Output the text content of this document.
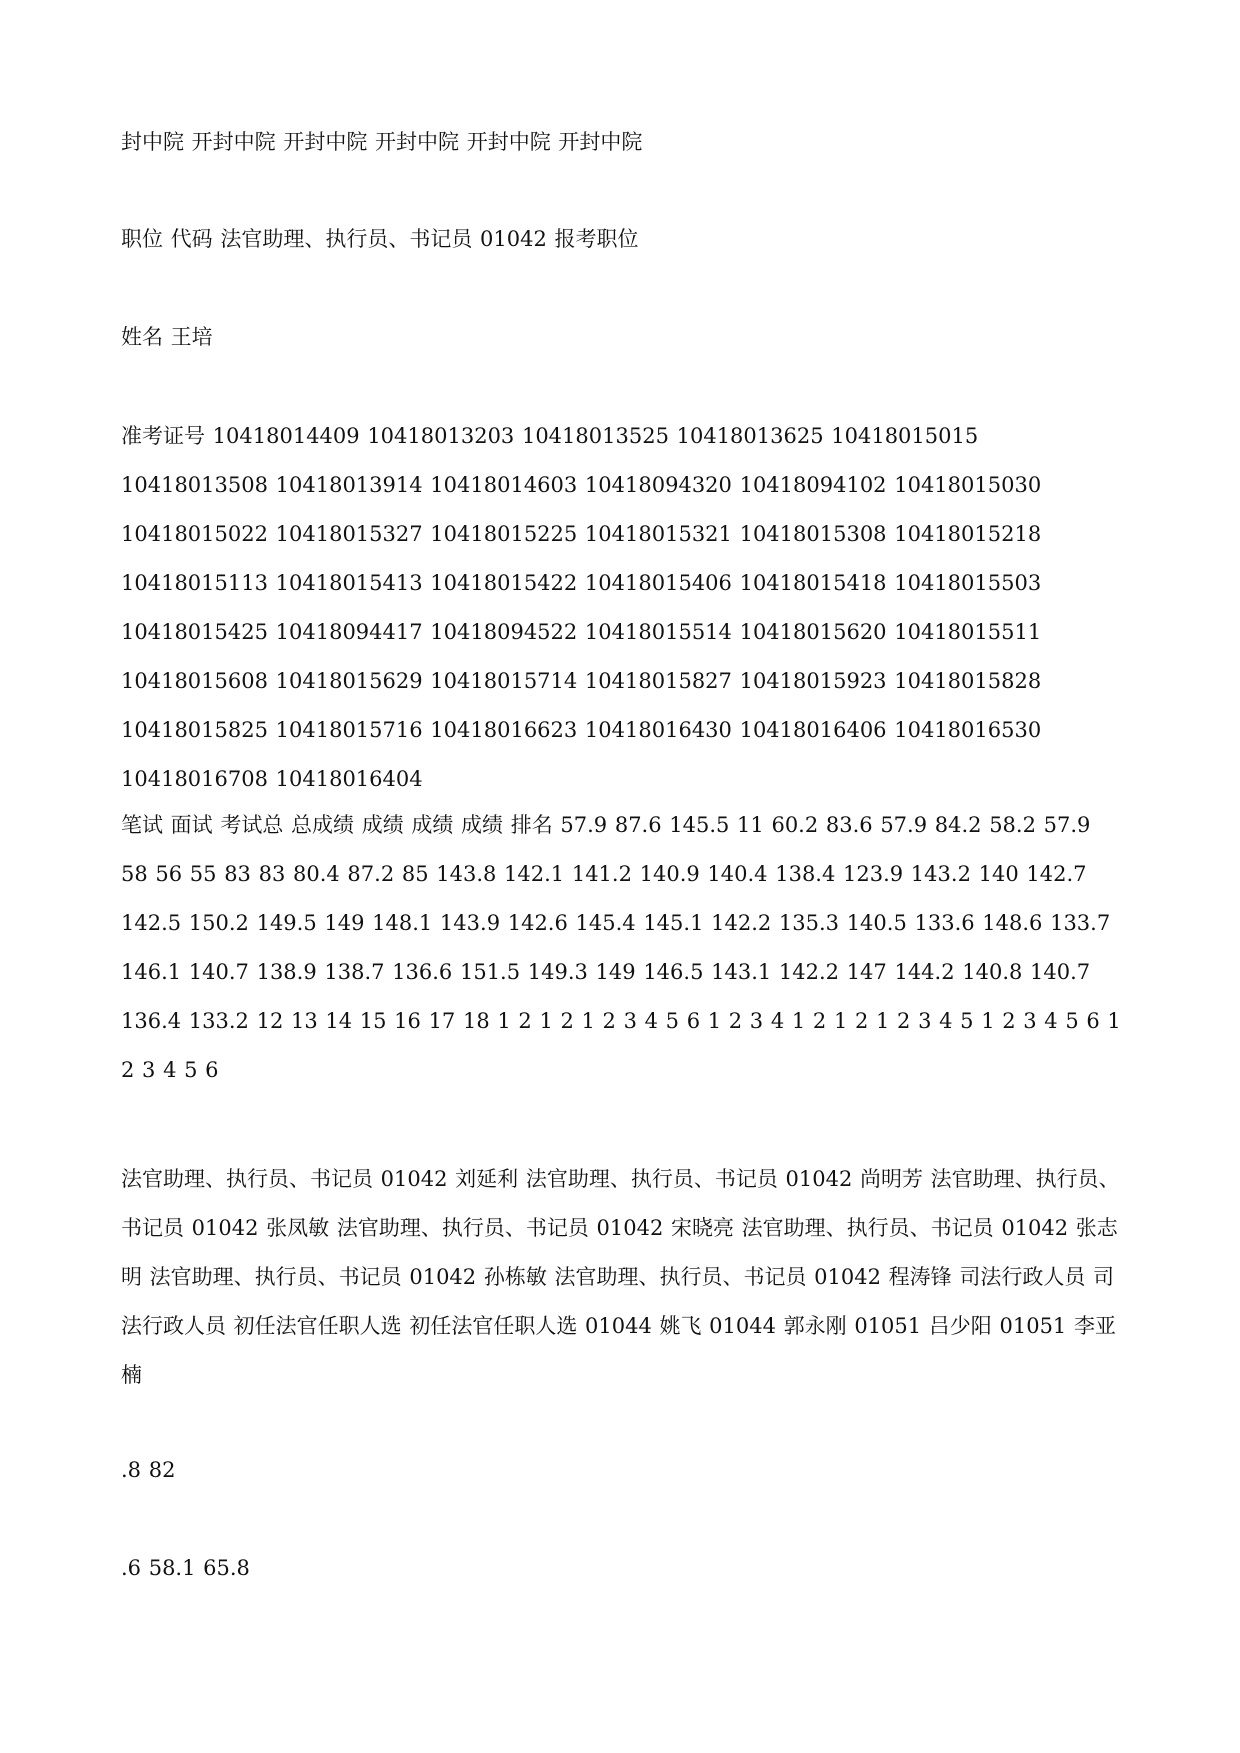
封中院 开封中院 开封中院 开封中院 开封中院 开封中院

职位 代码 法官助理、执行员、书记员 01042 报考职位

姓名 王培

准考证号 10418014409 10418013203 10418013525 10418013625 10418015015 10418013508 10418013914 10418014603 10418094320 10418094102 10418015030 10418015022 10418015327 10418015225 10418015321 10418015308 10418015218 10418015113 10418015413 10418015422 10418015406 10418015418 10418015503 10418015425 10418094417 10418094522 10418015514 10418015620 10418015511 10418015608 10418015629 10418015714 10418015827 10418015923 10418015828 10418015825 10418015716 10418016623 10418016430 10418016406 10418016530 10418016708 10418016404

笔试 面试 考试总 总成绩 成绩 成绩 成绩 排名 57.9 87.6 145.5 11 60.2 83.6 57.9 84.2 58.2 57.9 58 56 55 83 83 80.4 87.2 85 143.8 142.1 141.2 140.9 140.4 138.4 123.9 143.2 140 142.7 142.5 150.2 149.5 149 148.1 143.9 142.6 145.4 145.1 142.2 135.3 140.5 133.6 148.6 133.7 146.1 140.7 138.9 138.7 136.6 151.5 149.3 149 146.5 143.1 142.2 147 144.2 140.8 140.7 136.4 133.2 12 13 14 15 16 17 18 1 2 1 2 1 2 3 4 5 6 1 2 3 4 1 2 1 2 1 2 3 4 5 1 2 3 4 5 6 1 2 3 4 5 6

法官助理、执行员、书记员 01042 刘延利 法官助理、执行员、书记员 01042 尚明芳 法官助理、执行员、书记员 01042 张凤敏 法官助理、执行员、书记员 01042 宋晓亮 法官助理、执行员、书记员 01042 张志明 法官助理、执行员、书记员 01042 孙栋敏 法官助理、执行员、书记员 01042 程涛锋 司法行政人员 司法行政人员 初任法官任职人选 初任法官任职人选 01044 姚飞 01044 郭永刚 01051 吕少阳 01051 李亚楠

.8 82

.6 58.1 65.8
